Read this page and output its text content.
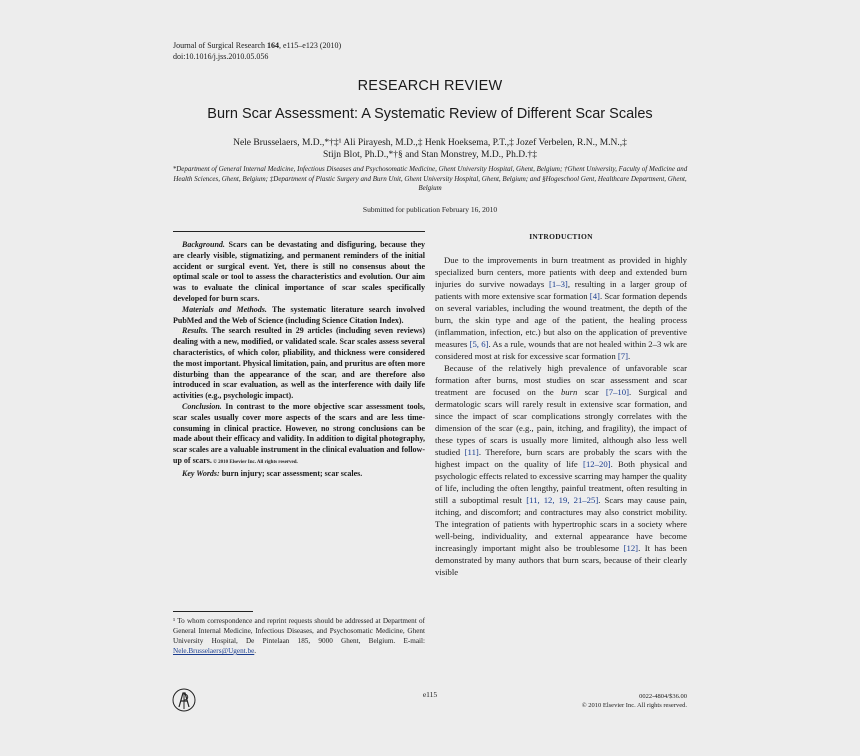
Journal of Surgical Research 164, e115–e123 (2010)
doi:10.1016/j.jss.2010.05.056
RESEARCH REVIEW
Burn Scar Assessment: A Systematic Review of Different Scar Scales
Nele Brusselaers, M.D.,*†‡¹ Ali Pirayesh, M.D.,‡ Henk Hoeksema, P.T.,‡ Jozef Verbelen, R.N., M.N.,‡
Stijn Blot, Ph.D.,*†§ and Stan Monstrey, M.D., Ph.D.†‡
*Department of General Internal Medicine, Infectious Diseases and Psychosomatic Medicine, Ghent University Hospital, Ghent, Belgium; †Ghent University, Faculty of Medicine and Health Sciences, Ghent, Belgium; ‡Department of Plastic Surgery and Burn Unit, Ghent University Hospital, Ghent, Belgium; and §Hogeschool Gent, Healthcare Department, Ghent, Belgium
Submitted for publication February 16, 2010

Background. Scars can be devastating and disfiguring, because they are clearly visible, stigmatizing, and permanent reminders of the initial accident or surgical event. Yet, there is still no consensus about the optimal scale or tool to assess the characteristics and evolution. Our aim was to evaluate the clinical importance of scar scales specifically developed for burn scars.

Materials and Methods. The systematic literature search involved PubMed and the Web of Science (including Science Citation Index).

Results. The search resulted in 29 articles (including seven reviews) dealing with a new, modified, or validated scale. Scar scales assess several characteristics, of which color, pliability, and thickness were considered the most important. Physical limitation, pain, and pruritus are often more disturbing than the appearance of the scar, and are therefore also introduced in scar evaluation, as well as the interference with daily life activities (e.g., psychologic impact).

Conclusion. In contrast to the more objective scar assessment tools, scar scales usually cover more aspects of the scars and are less time-consuming in clinical practice. However, no strong conclusions can be made about their efficacy and validity. In addition to digital photography, scar scales are a valuable instrument in the clinical evaluation and follow-up of scars. © 2010 Elsevier Inc. All rights reserved.

Key Words: burn injury; scar assessment; scar scales.

¹ To whom correspondence and reprint requests should be addressed at Department of General Internal Medicine, Infectious Diseases, and Psychosomatic Medicine, Ghent University Hospital, De Pintelaan 185, 9000 Ghent, Belgium. E-mail: Nele.Brusselaers@Ugent.be.
INTRODUCTION

Due to the improvements in burn treatment as provided in highly specialized burn centers, more patients with deep and extended burn injuries do survive nowadays [1–3], resulting in a larger group of patients with more extensive scar formation [4]. Scar formation depends on several variables, including the wound treatment, the depth of the burn, the skin type and age of the patient, the healing process (inflammation, infection, etc.) but also on the application of preventive measures [5, 6]. As a rule, wounds that are not healed within 2–3 wk are considered most at risk for excessive scar formation [7].

Because of the relatively high prevalence of unfavorable scar formation after burns, most studies on scar assessment and scar treatment are focused on the burn scar [7–10]. Surgical and dermatologic scars will rarely result in extensive scar formation, and since the impact of scar complications strongly correlates with the dimension of the scar (e.g., pain, itching, and fragility), the impact of these types of scars is usually more limited, although also less well studied [11]. Therefore, burn scars are probably the scars with the highest impact on the quality of life [12–20]. Both physical and psychologic effects related to excessive scarring may hamper the quality of life, including the often lengthy, painful treatment, often resulting in still a suboptimal result [11, 12, 19, 21–25]. Scars may cause pain, itching, and discomfort; and contractures may also constrict mobility. The integration of patients with hypertrophic scars in a society where well-being, individuality, and external appearance have become increasingly important might also be troublesome [12]. It has been demonstrated by many authors that burn scars, because of their clearly visible

e115	0022-4804/$36.00
© 2010 Elsevier Inc. All rights reserved.
